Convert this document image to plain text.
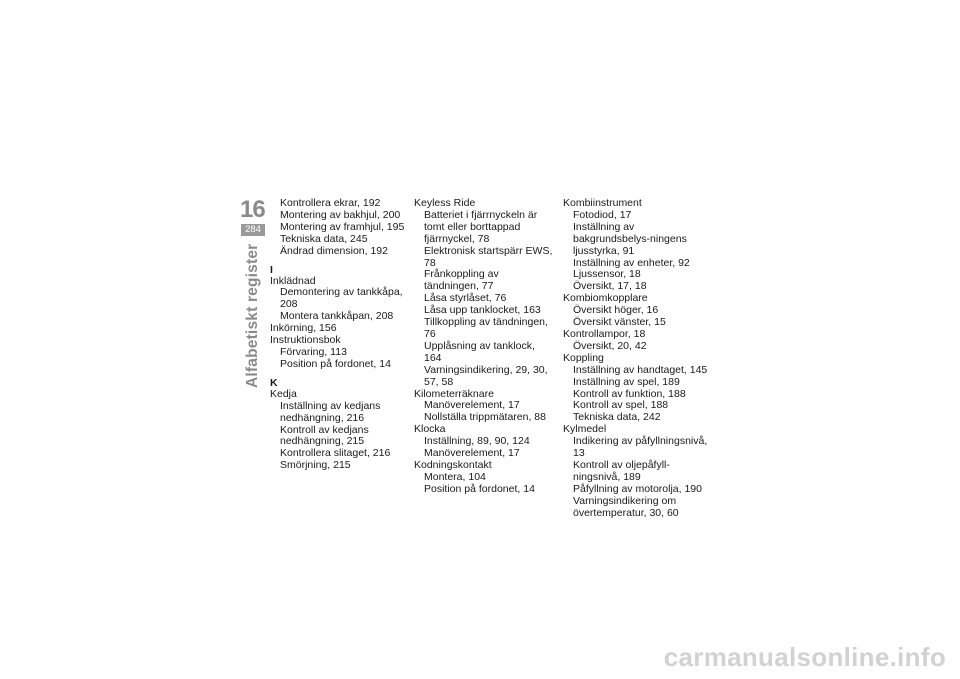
16
284
Alfabetiskt register
Kontrollera ekrar, 192
Montering av bakhjul, 200
Montering av framhjul, 195
Tekniska data, 245
Ändrad dimension, 192
I
Inklädnad
Demontering av tankkåpa, 208
Montera tankkåpan, 208
Inkörning, 156
Instruktionsbok
Förvaring, 113
Position på fordonet, 14
K
Kedja
Inställning av kedjans nedhängning, 216
Kontroll av kedjans nedhängning, 215
Kontrollera slitaget, 216
Smörjning, 215
Keyless Ride
Batteriet i fjärrnyckeln är tomt eller borttappad fjärrnyckel, 78
Elektronisk startspärr EWS, 78
Frånkoppling av tändningen, 77
Låsa styrlåset, 76
Låsa upp tanklocket, 163
Tillkoppling av tändningen, 76
Upplåsning av tanklock, 164
Varningsindikering, 29, 30, 57, 58
Kilometerräknare
Manöverelement, 17
Nollställa trippmätaren, 88
Klocka
Inställning, 89, 90, 124
Manöverelement, 17
Kodningskontakt
Montera, 104
Position på fordonet, 14
Kombiinstrument
Fotodiod, 17
Inställning av bakgrundsbelys-ningens ljusstyrka, 91
Inställning av enheter, 92
Ljussensor, 18
Översikt, 17, 18
Kombiomkopplare
Översikt höger, 16
Översikt vänster, 15
Kontrollampor, 18
Översikt, 20, 42
Koppling
Inställning av handtaget, 145
Inställning av spel, 189
Kontroll av funktion, 188
Kontroll av spel, 188
Tekniska data, 242
Kylmedel
Indikering av påfyllningsnivå, 13
Kontroll av oljepåfyll-ningsnivå, 189
Påfyllning av motorolja, 190
Varningsindikering om övertemperatur, 30, 60
carmanualsonline.info
